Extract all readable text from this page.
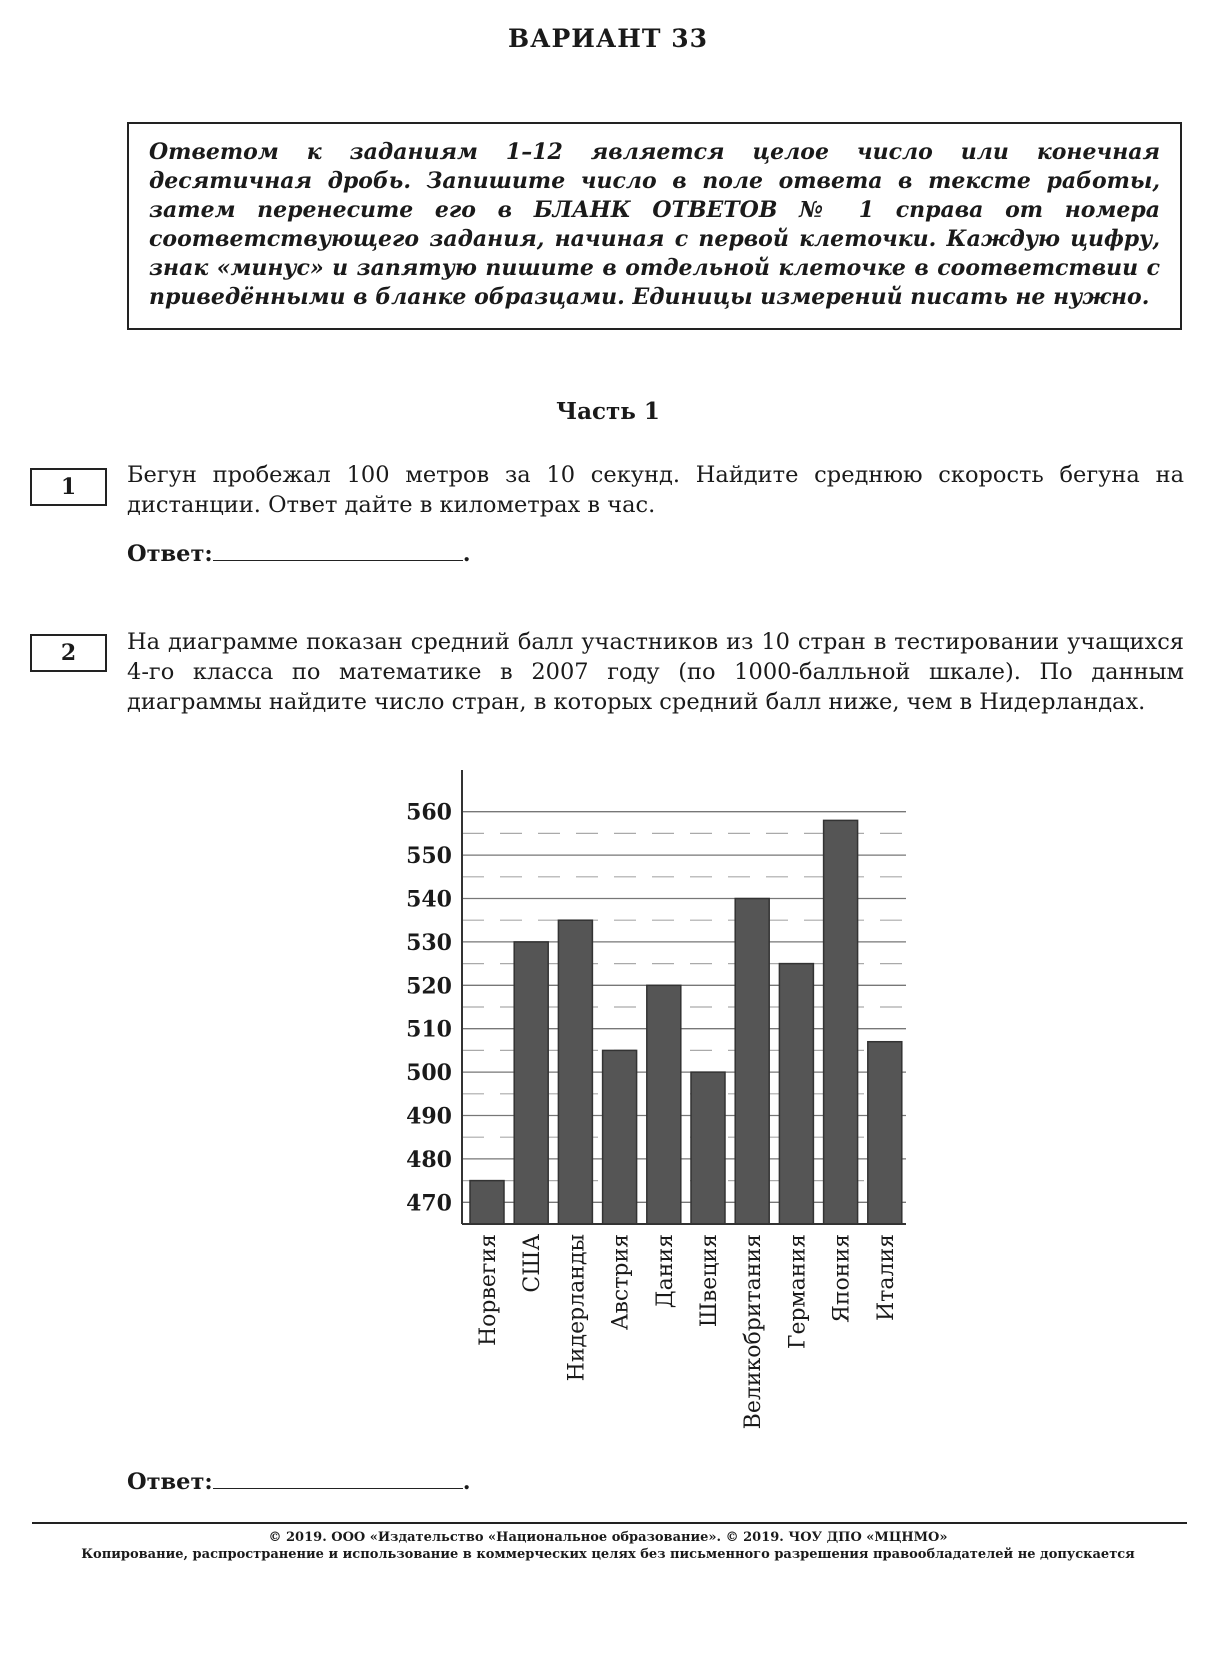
ВАРИАНТ 33
Ответом к заданиям 1–12 является целое число или конечная десятичная дробь. Запишите число в поле ответа в тексте работы, затем перенесите его в БЛАНК ОТВЕТОВ № 1 справа от номера соответствующего задания, начиная с первой клеточки. Каждую цифру, знак «минус» и запятую пишите в отдельной клеточке в соответствии с приведёнными в бланке образцами. Единицы измерений писать не нужно.
Часть 1
1	Бегун пробежал 100 метров за 10 секунд. Найдите среднюю скорость бегуна на дистанции. Ответ дайте в километрах в час.
Ответ:	.
2	На диаграмме показан средний балл участников из 10 стран в тестировании учащихся 4-го класса по математике в 2007 году (по 1000-балльной шкале). По данным диаграммы найдите число стран, в которых средний балл ниже, чем в Нидерландах.
470
480
490
500
510
520
530
540
550
560
Норвегия США Нидерланды Австрия Дания Швеция Великобритания Германия Япония Италия
Ответ:	.
© 2019. ООО «Издательство «Национальное образование». © 2019. ЧОУ ДПО «МЦНМО»
Копирование, распространение и использование в коммерческих целях без письменного разрешения правообладателей не допускается
